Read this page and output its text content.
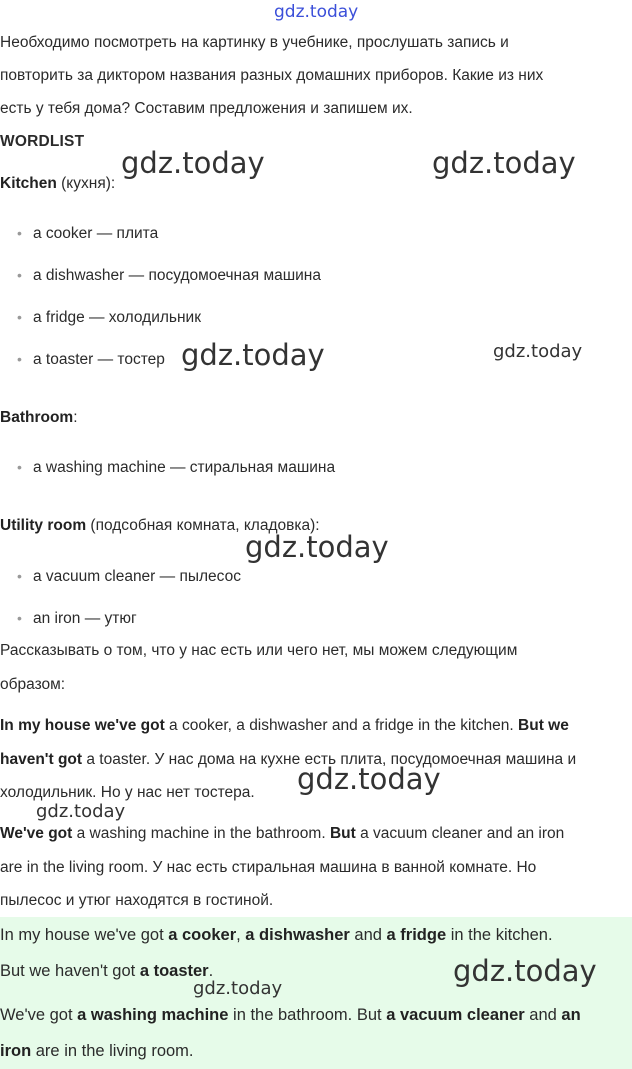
gdz.today
Необходимо посмотреть на картинку в учебнике, прослушать запись и
повторить за диктором названия разных домашних приборов. Какие из них
есть у тебя дома? Составим предложения и запишем их.
WORDLIST
Kitchen (кухня):
• a cooker — плита
• a dishwasher — посудомоечная машина
• a fridge — холодильник
• a toaster — тостер
Bathroom:
• a washing machine — стиральная машина
Utility room (подсобная комната, кладовка):
• a vacuum cleaner — пылесос
• an iron — утюг
Рассказывать о том, что у нас есть или чего нет, мы можем следующим
образом:
In my house we've got a cooker, a dishwasher and a fridge in the kitchen. But we
haven't got a toaster. У нас дома на кухне есть плита, посудомоечная машина и
холодильник. Но у нас нет тостера.
We've got a washing machine in the bathroom. But a vacuum cleaner and an iron
are in the living room. У нас есть стиральная машина в ванной комнате. Но
пылесос и утюг находятся в гостиной.
In my house we've got a cooker, a dishwasher and a fridge in the kitchen.
But we haven't got a toaster.
We've got a washing machine in the bathroom. But a vacuum cleaner and an
iron are in the living room.
gdz.today	gdz.today
gdz.today	gdz.today
gdz.today
gdz.today
gdz.today
gdz.today
gdz.today
